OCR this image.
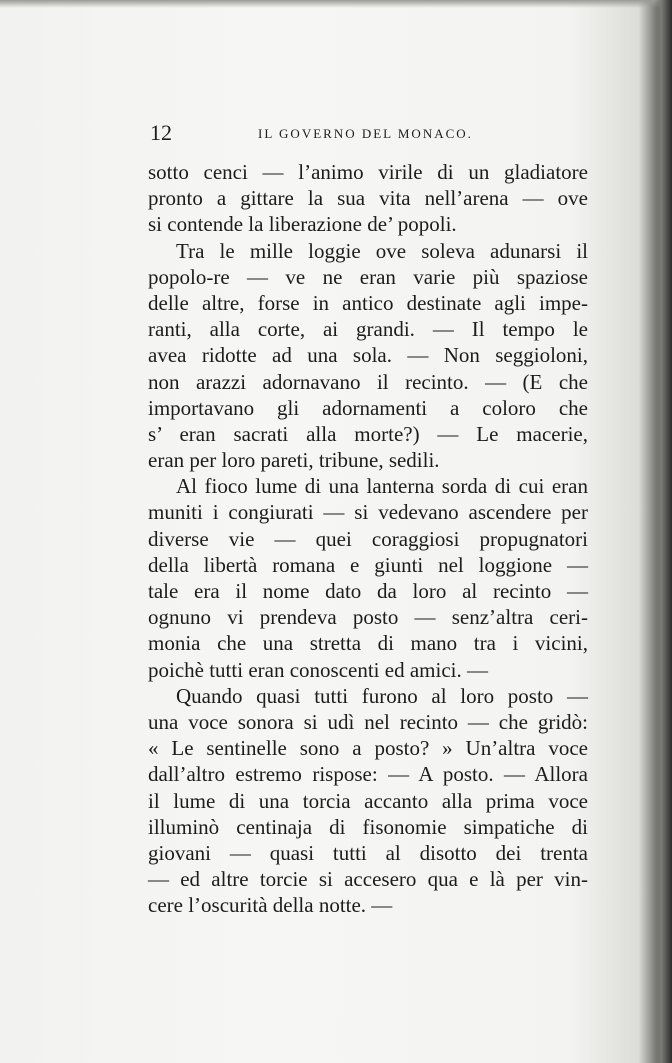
12	IL GOVERNO DEL MONACO.
sotto cenci — l’animo virile di un gladiatore
pronto a gittare la sua vita nell’arena — ove
si contende la liberazione de’ popoli.
Tra le mille loggie ove soleva adunarsi il
popolo-re — ve ne eran varie più spaziose
delle altre, forse in antico destinate agli impe-
ranti, alla corte, ai grandi. — Il tempo le
avea ridotte ad una sola. — Non seggioloni,
non arazzi adornavano il recinto. — (E che
importavano gli adornamenti a coloro che
s’ eran sacrati alla morte?) — Le macerie,
eran per loro pareti, tribune, sedili.
Al fioco lume di una lanterna sorda di cui eran
muniti i congiurati — si vedevano ascendere per
diverse vie — quei coraggiosi propugnatori
della libertà romana e giunti nel loggione —
tale era il nome dato da loro al recinto —
ognuno vi prendeva posto — senz’altra ceri-
monia che una stretta di mano tra i vicini,
poichè tutti eran conoscenti ed amici. —
Quando quasi tutti furono al loro posto —
una voce sonora si udì nel recinto — che gridò:
« Le sentinelle sono a posto? » Un’altra voce
dall’altro estremo rispose: — A posto. — Allora
il lume di una torcia accanto alla prima voce
illuminò centinaja di fisonomie simpatiche di
giovani — quasi tutti al disotto dei trenta
— ed altre torcie si accesero qua e là per vin-
cere l’oscurità della notte. —
